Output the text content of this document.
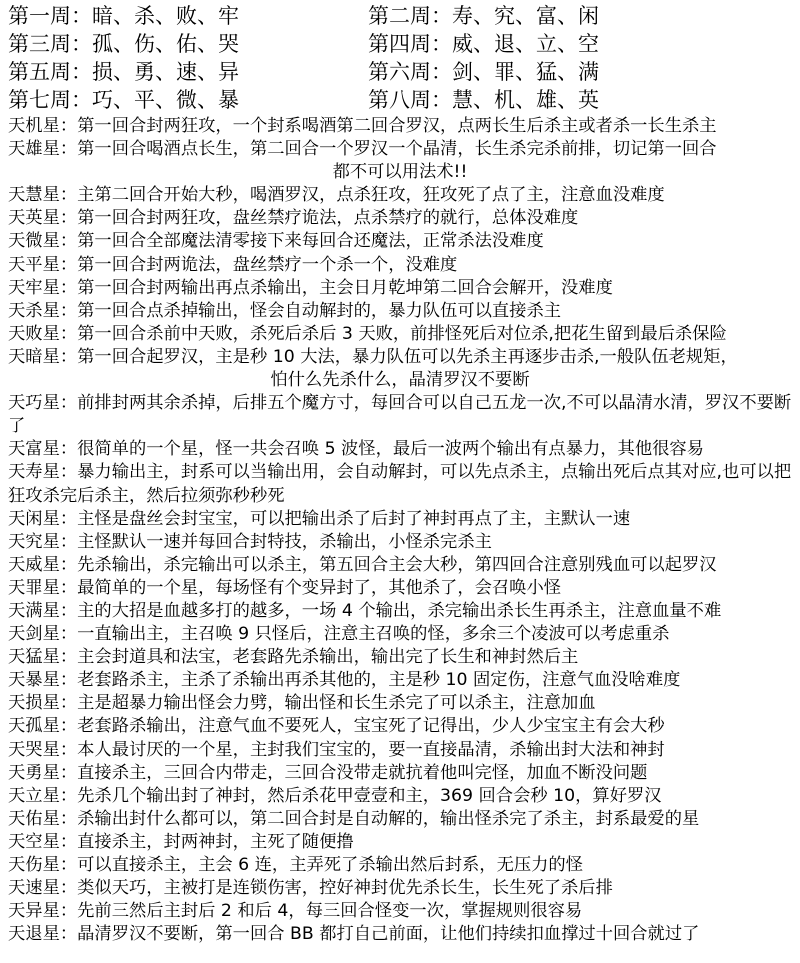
第一周：暗、杀、败、牢	第二周：寿、究、富、闲
第三周：孤、伤、佑、哭	第四周：威、退、立、空
第五周：损、勇、速、异	第六周：剑、罪、猛、满
第七周：巧、平、微、暴	第八周：慧、机、雄、英
天机星：第一回合封两狂攻，一个封系喝酒第二回合罗汉，点两长生后杀主或者杀一长生杀主
天雄星：第一回合喝酒点长生，第二回合一个罗汉一个晶清，长生杀完杀前排，切记第一回合
都不可以用法术!!
天慧星：主第二回合开始大秒，喝酒罗汉，点杀狂攻，狂攻死了点了主，注意血没难度
天英星：第一回合封两狂攻，盘丝禁疗诡法，点杀禁疗的就行，总体没难度
天微星：第一回合全部魔法清零接下来每回合还魔法，正常杀法没难度
天平星：第一回合封两诡法，盘丝禁疗一个杀一个，没难度
天牢星：第一回合封两输出再点杀输出，主会日月乾坤第二回合会解开，没难度
天杀星：第一回合点杀掉输出，怪会自动解封的，暴力队伍可以直接杀主
天败星：第一回合杀前中天败，杀死后杀后 3 天败，前排怪死后对位杀,把花生留到最后杀保险
天暗星：第一回合起罗汉，主是秒 10 大法，暴力队伍可以先杀主再逐步击杀,一般队伍老规矩，
怕什么先杀什么，晶清罗汉不要断
天巧星：前排封两其余杀掉，后排五个魔方寸，每回合可以自己五龙一次,不可以晶清水清，罗汉不要断了
天富星：很简单的一个星，怪一共会召唤 5 波怪，最后一波两个输出有点暴力，其他很容易
天寿星：暴力输出主，封系可以当输出用，会自动解封，可以先点杀主，点输出死后点其对应,也可以把狂攻杀完后杀主，然后拉须弥秒秒死
天闲星：主怪是盘丝会封宝宝，可以把输出杀了后封了神封再点了主，主默认一速
天究星：主怪默认一速并每回合封特技，杀输出，小怪杀完杀主
天威星：先杀输出，杀完输出可以杀主，第五回合主会大秒，第四回合注意别残血可以起罗汉
天罪星：最简单的一个星，每场怪有个变异封了，其他杀了，会召唤小怪
天满星：主的大招是血越多打的越多，一场 4 个输出，杀完输出杀长生再杀主，注意血量不难
天剑星：一直输出主，主召唤 9 只怪后，注意主召唤的怪，多余三个凌波可以考虑重杀
天猛星：主会封道具和法宝，老套路先杀输出，输出完了长生和神封然后主
天暴星：老套路杀主，主杀了杀输出再杀其他的，主是秒 10 固定伤，注意气血没啥难度
天损星：主是超暴力输出怪会力劈，输出怪和长生杀完了可以杀主，注意加血
天孤星：老套路杀输出，注意气血不要死人，宝宝死了记得出，少人少宝宝主有会大秒
天哭星：本人最讨厌的一个星，主封我们宝宝的，要一直接晶清，杀输出封大法和神封
天勇星：直接杀主，三回合内带走，三回合没带走就抗着他叫完怪，加血不断没问题
天立星：先杀几个输出封了神封，然后杀花甲壹壹和主，369 回合会秒 10，算好罗汉
天佑星：杀输出封什么都可以，第二回合封是自动解的，输出怪杀完了杀主，封系最爱的星
天空星：直接杀主，封两神封，主死了随便撸
天伤星：可以直接杀主，主会 6 连，主弄死了杀输出然后封系，无压力的怪
天速星：类似天巧，主被打是连锁伤害，控好神封优先杀长生，长生死了杀后排
天异星：先前三然后主封后 2 和后 4，每三回合怪变一次，掌握规则很容易
天退星：晶清罗汉不要断，第一回合 BB 都打自己前面，让他们持续扣血撑过十回合就过了
